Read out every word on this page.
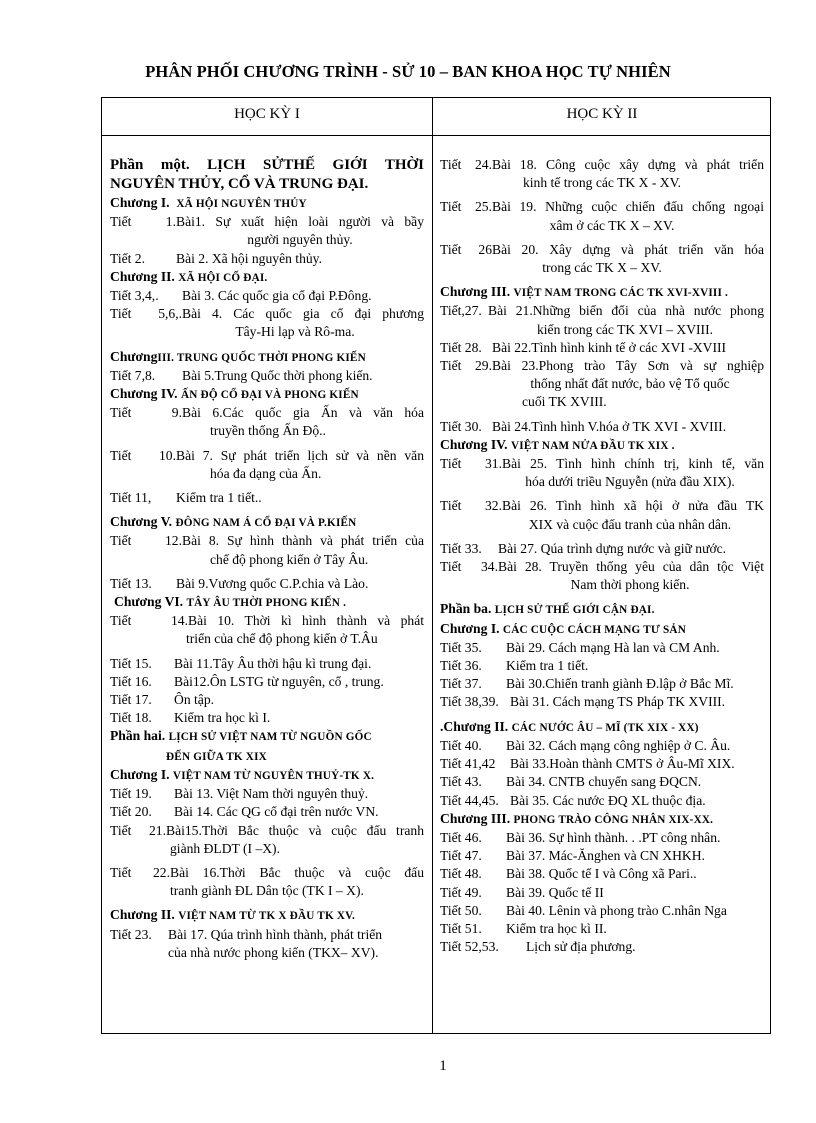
PHÂN PHỐI CHƯƠNG TRÌNH - SỬ 10 – BAN KHOA HỌC TỰ NHIÊN
HỌC KỲ I	HỌC KỲ II
Phần một. LỊCH SỬTHẾ GIỚI THỜI
NGUYÊN THỦY, CỔ VÀ TRUNG ĐẠI.
Chương I. XÃ HỘI NGUYÊN THỦY
Tiết 1. Bài1. Sự xuất hiện loài người và bầy
người nguyên thủy.
Tiết 2.	Bài 2. Xã hội nguyên thủy.
Chương II. XÃ HỘI CỔ ĐẠI.
Tiết 3,4,.	Bài 3. Các quốc gia cổ đại P.Đông.
Tiết 5,6,. Bài 4. Các quốc gia cổ đại phương
Tây-Hi lạp và Rô-ma.
ChươngIII. TRUNG QUỐC THỜI PHONG KIẾN
Tiết 7,8.	Bài 5.Trung Quốc thời phong kiến.
Chương IV. ẤN ĐỘ CỔ ĐẠI VÀ PHONG KIẾN
Tiết 9. Bài 6.Các quốc gia Ấn và văn hóa
truyền thống Ấn Độ..
Tiết 10. Bài 7. Sự phát triển lịch sử và nền văn
hóa đa dạng của Ấn.
Tiết 11,	Kiểm tra 1 tiết..
Chương V. ĐÔNG NAM Á CỔ ĐẠI VÀ P.KIẾN
Tiết 12. Bài 8. Sự hình thành và phát triển của
chế độ phong kiến ở Tây Âu.
Tiết 13.	Bài 9.Vương quốc C.P.chia và Lào.
Chương VI. TÂY ÂU THỜI PHONG KIẾN .
Tiết 14. Bài 10. Thời kì hình thành và phát
triển của chế độ phong kiến ở T.Âu
Tiết 15.	Bài 11.Tây Âu thời hậu kì trung đại.
Tiết 16.	Bài12.Ôn LSTG từ nguyên, cổ , trung.
Tiết 17.	Ôn tập.
Tiết 18.	Kiểm tra học kì I.
Phần hai. LỊCH SỬ VIỆT NAM TỪ NGUỒN GỐC
ĐẾN GIỮA TK XIX
Chương I. VIỆT NAM TỪ NGUYÊN THUỶ-TK X.
Tiết 19.	Bài 13. Việt Nam thời nguyên thuỷ.
Tiết 20.	Bài 14. Các QG cổ đại trên nước VN.
Tiết 21. Bài15.Thời Bắc thuộc và cuộc đấu tranh
giành ĐLDT (I –X).
Tiết 22. Bài 16.Thời Bắc thuộc và cuộc đấu
tranh giành ĐL Dân tộc (TK I – X).
Chương II. VIỆT NAM TỪ TK X ĐẦU TK XV.
Tiết 23.	Bài 17. Qúa trình hình thành, phát triển
của nhà nước phong kiến (TKX– XV).
Tiết 24. Bài 18. Công cuộc xây dựng và phát triển
kinh tế trong các TK X - XV.
Tiết 25. Bài 19. Những cuộc chiến đấu chống ngoại
xâm ở các TK X – XV.
Tiết 26 Bài 20. Xây dựng và phát triển văn hóa
trong các TK X – XV.
Chương III. VIỆT NAM TRONG CÁC TK XVI-XVIII .
Tiết,27. Bài 21.Những biến đổi của nhà nước phong
kiến trong các TK XVI – XVIII.
Tiết 28. Bài 22.Tình hình kinh tế ở các XVI -XVIII
Tiết 29. Bài 23.Phong trào Tây Sơn và sự nghiệp
thống nhất đất nước, bảo vệ Tổ quốc
cuối TK XVIII.
Tiết 30. Bài 24.Tình hình V.hóa ở TK XVI - XVIII.
Chương IV. VIỆT NAM NỬA ĐẦU TK XIX .
Tiết 31. Bài 25. Tình hình chính trị, kinh tế, văn
hóa dưới triều Nguyễn (nửa đầu XIX).
Tiết 32. Bài 26. Tình hình xã hội ở nửa đầu TK
XIX và cuộc đấu tranh của nhân dân.
Tiết 33.	Bài 27. Qúa trình dựng nước và giữ nước.
Tiết 34. Bài 28. Truyền thống yêu của dân tộc Việt
Nam thời phong kiến.
Phần ba. LỊCH SỬ THẾ GIỚI CẬN ĐẠI.
Chương I. CÁC CUỘC CÁCH MẠNG TƯ SẢN
Tiết 35.	Bài 29. Cách mạng Hà lan và CM Anh.
Tiết 36.	Kiểm tra 1 tiết.
Tiết 37.	Bài 30.Chiến tranh giành Đ.lập ở Bắc Mĩ.
Tiết 38,39. Bài 31. Cách mạng TS Pháp TK XVIII.
.Chương II. CÁC NƯỚC ÂU – MĨ (TK XIX - XX)
Tiết 40.	Bài 32. Cách mạng công nghiệp ở C. Âu.
Tiết 41,42	Bài 33.Hoàn thành CMTS ở Âu-Mĩ XIX.
Tiết 43.	Bài 34. CNTB chuyển sang ĐQCN.
Tiết 44,45. Bài 35. Các nước ĐQ XL thuộc địa.
Chương III. PHONG TRÀO CÔNG NHÂN XIX-XX.
Tiết 46.	Bài 36. Sự hình thành. . .PT công nhân.
Tiết 47.	Bài 37. Mác-Ănghen và CN XHKH.
Tiết 48.	Bài 38. Quốc tế I và Công xã Pari..
Tiết 49.	Bài 39. Quốc tế II
Tiết 50.	Bài 40. Lênin và phong trào C.nhân Nga
Tiết 51.	Kiểm tra học kì II.
Tiết 52,53.	Lịch sử địa phương.
1
